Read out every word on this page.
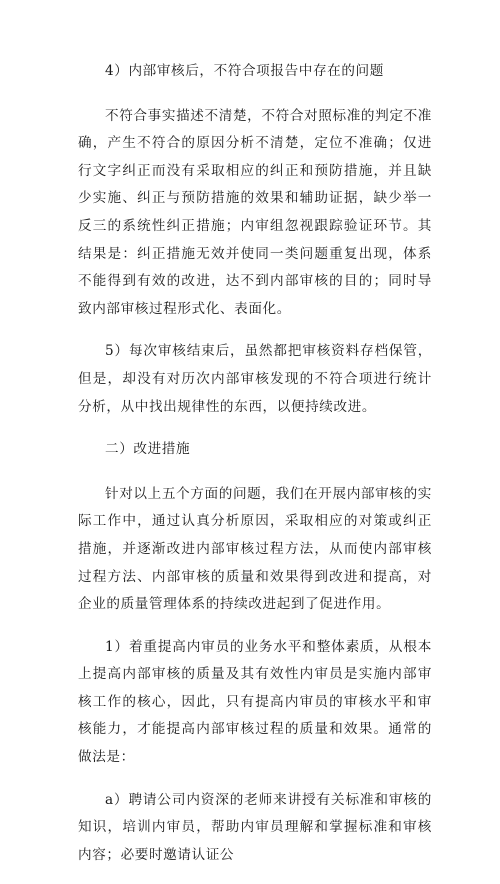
4）内部审核后，不符合项报告中存在的问题

不符合事实描述不清楚，不符合对照标准的判定不准确，产生不符合的原因分析不清楚，定位不准确；仅进行文字纠正而没有采取相应的纠正和预防措施，并且缺少实施、纠正与预防措施的效果和辅助证据，缺少举一反三的系统性纠正措施；内审组忽视跟踪验证环节。其结果是：纠正措施无效并使同一类问题重复出现，体系不能得到有效的改进，达不到内部审核的目的；同时导致内部审核过程形式化、表面化。

5）每次审核结束后，虽然都把审核资料存档保管，但是，却没有对历次内部审核发现的不符合项进行统计分析，从中找出规律性的东西，以便持续改进。

二）改进措施

针对以上五个方面的问题，我们在开展内部审核的实际工作中，通过认真分析原因，采取相应的对策或纠正措施，并逐渐改进内部审核过程方法，从而使内部审核过程方法、内部审核的质量和效果得到改进和提高，对企业的质量管理体系的持续改进起到了促进作用。

1）着重提高内审员的业务水平和整体素质，从根本上提高内部审核的质量及其有效性内审员是实施内部审核工作的核心，因此，只有提高内审员的审核水平和审核能力，才能提高内部审核过程的质量和效果。通常的做法是：

a）聘请公司内资深的老师来讲授有关标准和审核的知识，培训内审员，帮助内审员理解和掌握标准和审核内容；必要时邀请认证公
